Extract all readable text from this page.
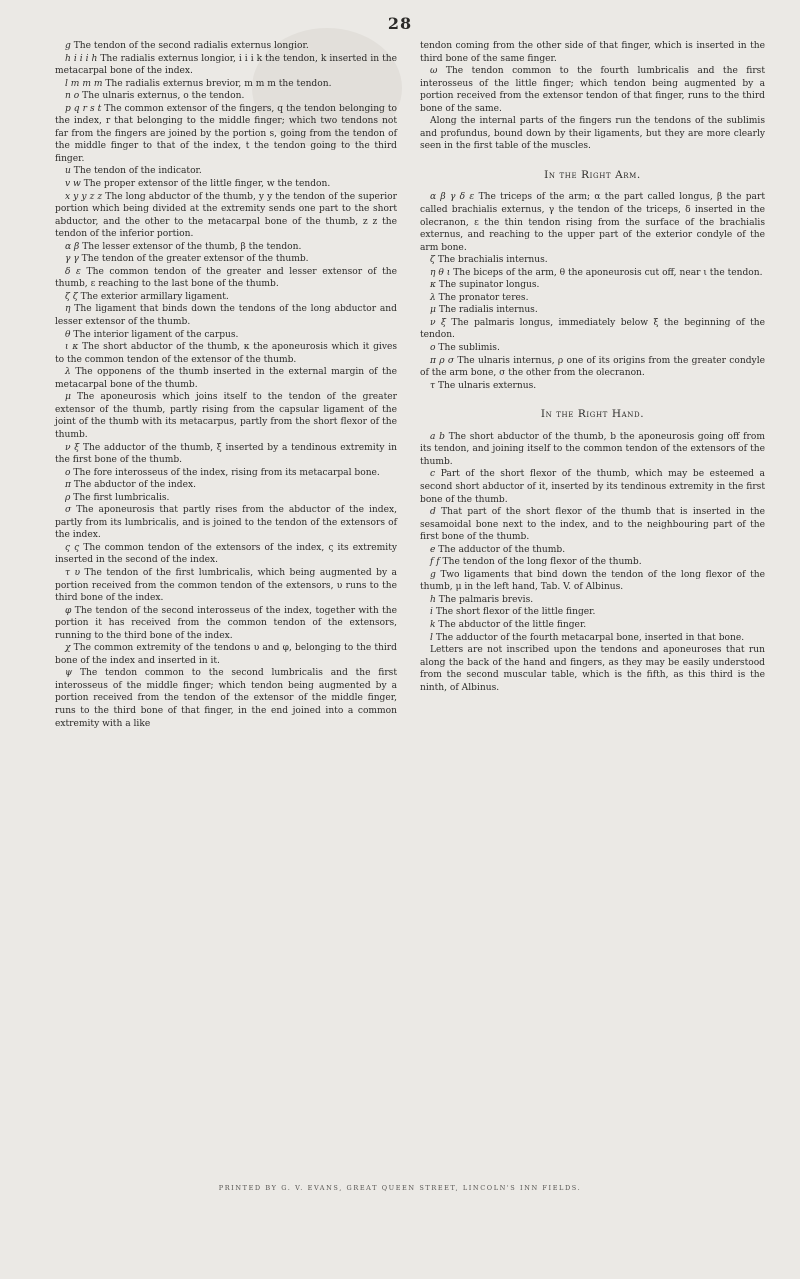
28

g The tendon of the second radialis externus longior.

h i i i h The radialis externus longior, i i i k the tendon, k inserted in the metacarpal bone of the index.

l m m m The radialis externus brevior, m m m the tendon.

n o The ulnaris externus, o the tendon.

p q r s t The common extensor of the fingers, q the tendon belonging to the index, r that belonging to the middle finger; which two tendons not far from the fingers are joined by the portion s, going from the tendon of the middle finger to that of the index, t the tendon going to the third finger.

u The tendon of the indicator.

v w The proper extensor of the little finger, w the tendon.

x y y z z The long abductor of the thumb, y y the tendon of the superior portion which being divided at the extremity sends one part to the short abductor, and the other to the metacarpal bone of the thumb, z z the tendon of the inferior portion.

α β The lesser extensor of the thumb, β the tendon.

γ γ The tendon of the greater extensor of the thumb.

δ ε The common tendon of the greater and lesser extensor of the thumb, ε reaching to the last bone of the thumb.

ζ ζ The exterior armillary ligament.

η The ligament that binds down the tendons of the long abductor and lesser extensor of the thumb.

θ The interior ligament of the carpus.

ι κ The short abductor of the thumb, κ the aponeurosis which it gives to the common tendon of the extensor of the thumb.

λ The opponens of the thumb inserted in the external margin of the metacarpal bone of the thumb.

μ The aponeurosis which joins itself to the tendon of the greater extensor of the thumb, partly rising from the capsular ligament of the joint of the thumb with its metacarpus, partly from the short flexor of the thumb.

ν ξ The adductor of the thumb, ξ inserted by a tendinous extremity in the first bone of the thumb.

ο The fore interosseus of the index, rising from its metacarpal bone.

π The abductor of the index.

ρ The first lumbricalis.

σ The aponeurosis that partly rises from the abductor of the index, partly from its lumbricalis, and is joined to the tendon of the extensors of the index.

ς ς The common tendon of the extensors of the index, ς its extremity inserted in the second of the index.

τ υ The tendon of the first lumbricalis, which being augmented by a portion received from the common tendon of the extensors, υ runs to the third bone of the index.

φ The tendon of the second interosseus of the index, together with the portion it has received from the common tendon of the extensors, running to the third bone of the index.

χ The common extremity of the tendons υ and φ, belonging to the third bone of the index and inserted in it.

ψ The tendon common to the second lumbricalis and the first interosseus of the middle finger; which tendon being augmented by a portion received from the tendon of the extensor of the middle finger, runs to the third bone of that finger, in the end joined into a common extremity with a like

tendon coming from the other side of that finger, which is inserted in the third bone of the same finger.

ω The tendon common to the fourth lumbricalis and the first interosseus of the little finger; which tendon being augmented by a portion received from the extensor tendon of that finger, runs to the third bone of the same.

Along the internal parts of the fingers run the tendons of the sublimis and profundus, bound down by their ligaments, but they are more clearly seen in the first table of the muscles.

In the Right Arm.

α β γ δ ε The triceps of the arm; α the part called longus, β the part called brachialis externus, γ the tendon of the triceps, δ inserted in the olecranon, ε the thin tendon rising from the surface of the brachialis externus, and reaching to the upper part of the exterior condyle of the arm bone.

ζ The brachialis internus.

η θ ι The biceps of the arm, θ the aponeurosis cut off, near ι the tendon.

κ The supinator longus.

λ The pronator teres.

μ The radialis internus.

ν ξ The palmaris longus, immediately below ξ the beginning of the tendon.

ο The sublimis.

π ρ σ The ulnaris internus, ρ one of its origins from the greater condyle of the arm bone, σ the other from the olecranon.

τ The ulnaris externus.

In the Right Hand.

a b The short abductor of the thumb, b the aponeurosis going off from its tendon, and joining itself to the common tendon of the extensors of the thumb.

c Part of the short flexor of the thumb, which may be esteemed a second short abductor of it, inserted by its tendinous extremity in the first bone of the thumb.

d That part of the short flexor of the thumb that is inserted in the sesamoidal bone next to the index, and to the neighbouring part of the first bone of the thumb.

e The adductor of the thumb.

f f The tendon of the long flexor of the thumb.

g Two ligaments that bind down the tendon of the long flexor of the thumb, μ in the left hand, Tab. V. of Albinus.

h The palmaris brevis.

i The short flexor of the little finger.

k The abductor of the little finger.

l The adductor of the fourth metacarpal bone, inserted in that bone.

Letters are not inscribed upon the tendons and aponeuroses that run along the back of the hand and fingers, as they may be easily understood from the second muscular table, which is the fifth, as this third is the ninth, of Albinus.

PRINTED BY G. V. EVANS, GREAT QUEEN STREET, LINCOLN'S INN FIELDS.
